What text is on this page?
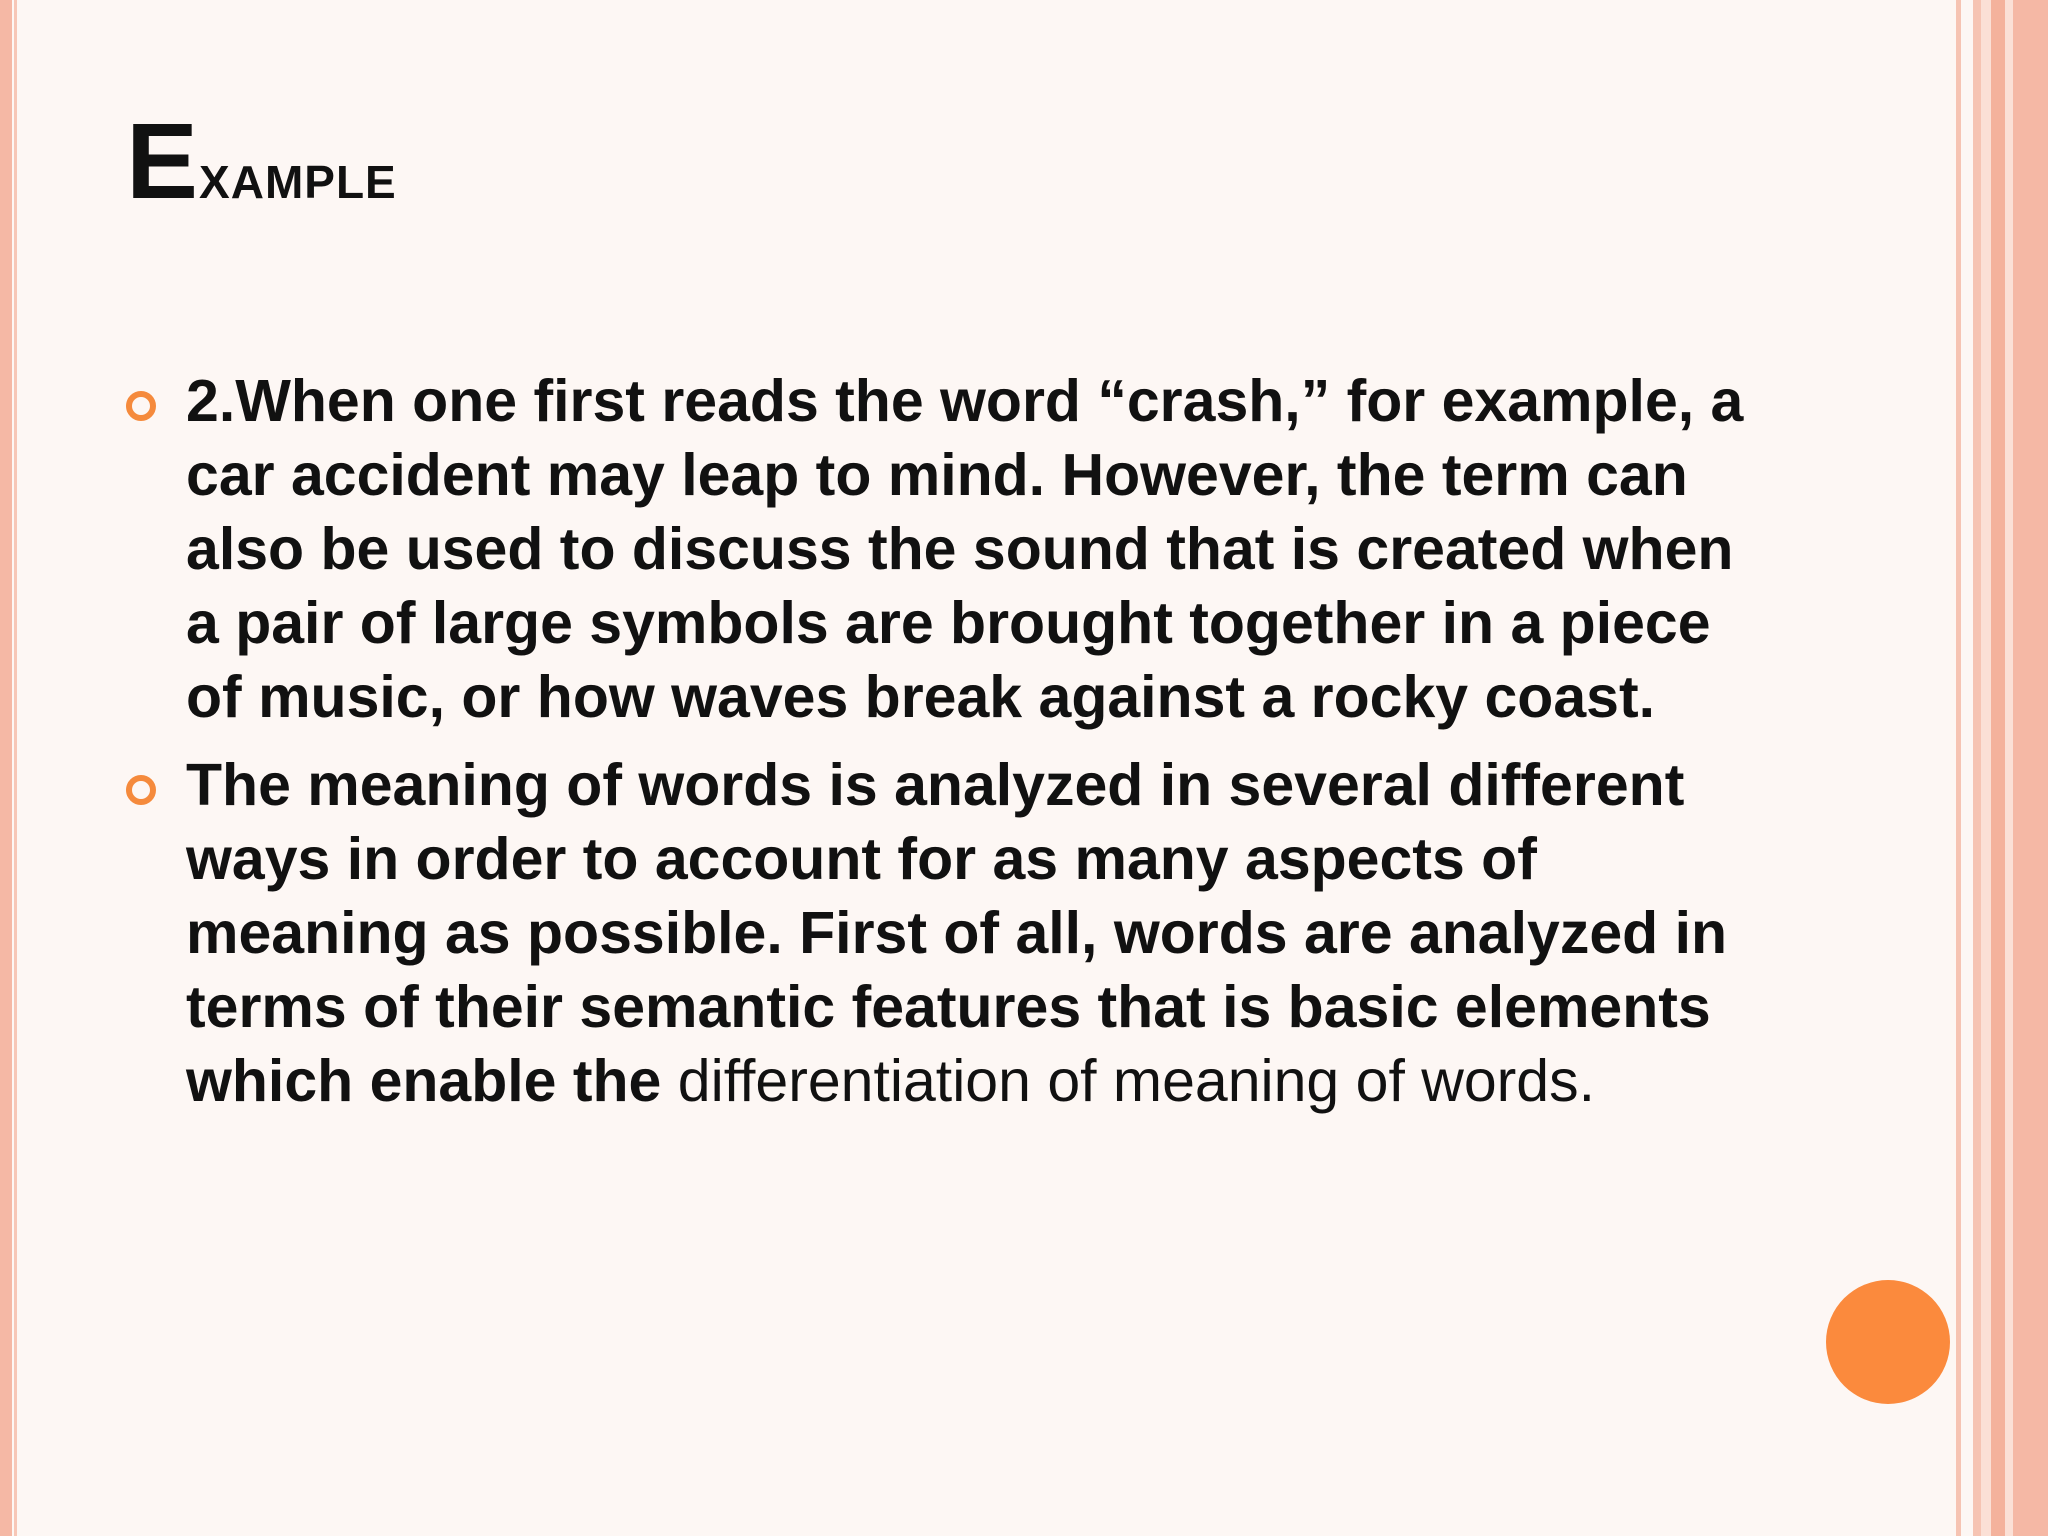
Example
2.When one first reads the word “crash,” for example, a car accident may leap to mind. However, the term can also be used to discuss the sound that is created when a pair of large symbols are brought together in a piece of music, or how waves break against a rocky coast.
The meaning of words is analyzed in several different ways in order to account for as many aspects of meaning as possible. First of all, words are analyzed in terms of their semantic features that is basic elements which enable the differentiation of meaning of words.
